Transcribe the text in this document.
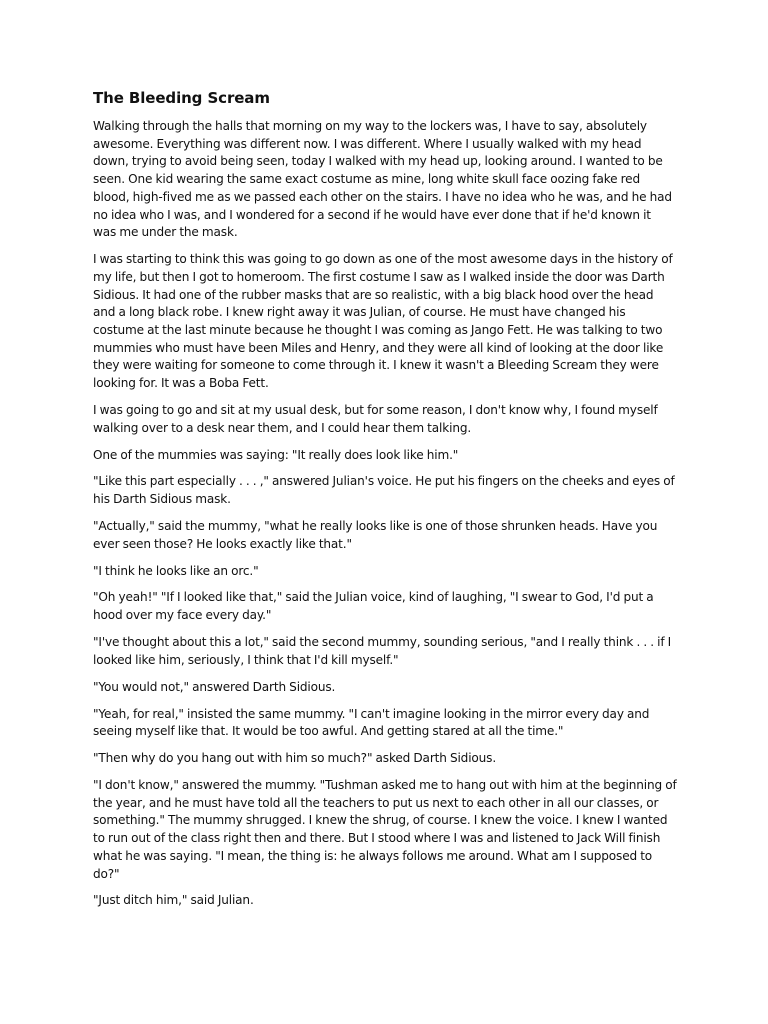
The Bleeding Scream

Walking through the halls that morning on my way to the lockers was, I have to say, absolutely awesome. Everything was different now. I was different. Where I usually walked with my head down, trying to avoid being seen, today I walked with my head up, looking around. I wanted to be seen. One kid wearing the same exact costume as mine, long white skull face oozing fake red blood, high-fived me as we passed each other on the stairs. I have no idea who he was, and he had no idea who I was, and I wondered for a second if he would have ever done that if he'd known it was me under the mask.

I was starting to think this was going to go down as one of the most awesome days in the history of my life, but then I got to homeroom. The first costume I saw as I walked inside the door was Darth Sidious. It had one of the rubber masks that are so realistic, with a big black hood over the head and a long black robe. I knew right away it was Julian, of course. He must have changed his costume at the last minute because he thought I was coming as Jango Fett. He was talking to two mummies who must have been Miles and Henry, and they were all kind of looking at the door like they were waiting for someone to come through it. I knew it wasn't a Bleeding Scream they were looking for. It was a Boba Fett.

I was going to go and sit at my usual desk, but for some reason, I don't know why, I found myself walking over to a desk near them, and I could hear them talking.

One of the mummies was saying: "It really does look like him."

"Like this part especially . . . ," answered Julian's voice. He put his fingers on the cheeks and eyes of his Darth Sidious mask.

"Actually," said the mummy, "what he really looks like is one of those shrunken heads. Have you ever seen those? He looks exactly like that."

"I think he looks like an orc."

"Oh yeah!" "If I looked like that," said the Julian voice, kind of laughing, "I swear to God, I'd put a hood over my face every day."

"I've thought about this a lot," said the second mummy, sounding serious, "and I really think . . . if I looked like him, seriously, I think that I'd kill myself."

"You would not," answered Darth Sidious.

"Yeah, for real," insisted the same mummy. "I can't imagine looking in the mirror every day and seeing myself like that. It would be too awful. And getting stared at all the time."

"Then why do you hang out with him so much?" asked Darth Sidious.

"I don't know," answered the mummy. "Tushman asked me to hang out with him at the beginning of the year, and he must have told all the teachers to put us next to each other in all our classes, or something." The mummy shrugged. I knew the shrug, of course. I knew the voice. I knew I wanted to run out of the class right then and there. But I stood where I was and listened to Jack Will finish what he was saying. "I mean, the thing is: he always follows me around. What am I supposed to do?"

"Just ditch him," said Julian.
